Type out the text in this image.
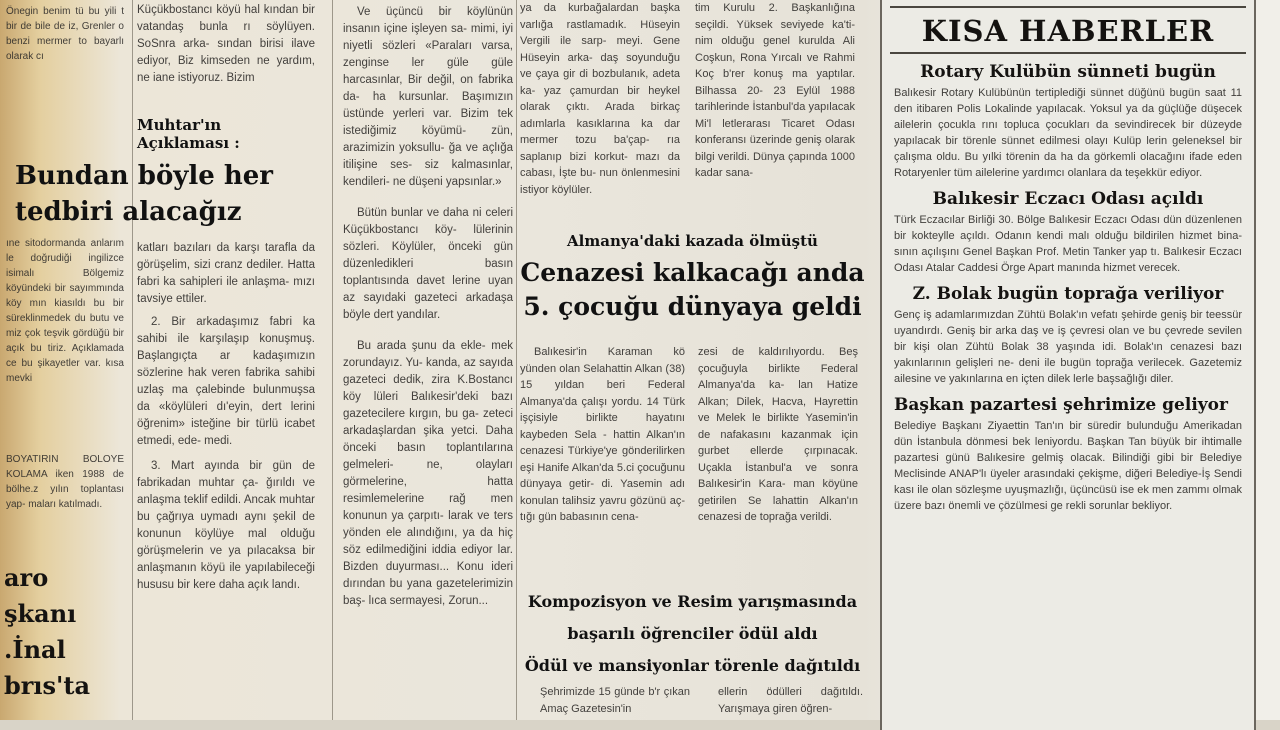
Önegin benim tü bu yili t bir de bile de iz, Grenler o benzi mermer to bayarlı olarak cı

ıne sitodormanda anlarım le doğrudiği ingilizce isimalı Bölgemiz köyündeki bir sayımmında köy mın kiasıldı bu bir süreklinmedek du butu ve miz çok teşvik gördüğü bir açık bu tiriz. Açıklamada ce bu şikayetler var. kısa mevki

BOYATIRIN BOLOYE KOLAMA iken 1988 de bölhe.z yılın toplantası yap- maları katılmadı.

aro
şkanı
.İnal
brıs'ta

Küçükbostancı köyü hal kından bir vatandaş bunla rı söylüyen. SoSnra arka- sından birisi ilave ediyor, Biz kimseden ne yardım, ne iane istiyoruz. Bizim

Muhtar'ın Açıklaması :

Bundan böyle her tedbiri alacağız

katları bazıları da karşı tarafla da görüşelim, sizi cranz dediler. Hatta fabri ka sahipleri ile anlaşma- mızı tavsiye ettiler.

2. Bir arkadaşımız fabri ka sahibi ile karşılaşıp konuşmuş. Başlangıçta ar kadaşımızın sözlerine hak veren fabrika sahibi uzlaş ma çalebinde bulunmuşsa da «köylüleri dı'eyin, dert lerini öğrenim» isteğine bir türlü icabet etmedi, ede- medi.

3. Mart ayında bir gün de fabrikadan muhtar ça- ğırıldı ve anlaşma teklif edildi. Ancak muhtar bu çağrıya uymadı aynı şekil de konunun köylüye mal olduğu görüşmelerin ve ya pılacaksa bir anlaşmanın köyü ile yapılabileceği hususu bir kere daha açık landı.

Ve üçüncü bir köylünün insanın içine işleyen sa- mimi, iyi niyetli sözleri «Paraları varsa, zenginse ler güle güle harcasınlar, Bir değil, on fabrika da- ha kursunlar. Başımızın üstünde yerleri var. Bizim tek istediğimiz köyümü- zün, arazimizin yoksullu- ğa ve açlığa itilişine ses- siz kalmasınlar, kendileri- ne düşeni yapsınlar.»

Bütün bunlar ve daha ni celeri Küçükbostancı köy- lülerinin sözleri. Köylüler, önceki gün düzenledikleri basın toplantısında davet lerine uyan az sayıdaki gazeteci arkadaşa böyle dert yandılar.

Bu arada şunu da ekle- mek zorundayız. Yu- kanda, az sayıda gazeteci dedik, zira K.Bostancı köy lüleri Balıkesir'deki bazı gazetecilere kırgın, bu ga- zeteci arkadaşlardan şika yetci. Daha önceki basın toplantılarına gelmeleri- ne, olayları görmelerine, hatta resimlemelerine rağ men konunun ya çarpıtı- larak ve ters yönden ele alındığını, ya da hiç söz edilmediğini iddia ediyor lar. Bizden duyurması... Konu ideri dırından bu yana gazetelerimizin baş- lıca sermayesi, Zorun...

ya da kurbağalardan başka varlığa rastlamadık. Hüseyin Vergili ile sarp- meyi. Gene Hüseyin arka- daş soyunduğu ve çaya gir di bozbulanık, adeta ka- yaz çamurdan bir heykel olarak çıktı. Arada birkaç adımlarla kasıklarına ka dar mermer tozu ba'çap- rıa saplanıp bizi korkut- mazı da cabası, İşte bu- nun önlenmesini istiyor köylüler.

tim Kurulu 2. Başkanlığına seçildi. Yüksek seviyede ka'ti- nim olduğu genel kurulda Ali Coşkun, Rona Yırcalı ve Rahmi Koç b'rer konuş ma yaptılar. Bilhassa 20- 23 Eylül 1988 tarihlerinde İstanbul'da yapılacak Mi'l letlerarası Ticaret Odası konferansı üzerinde geniş olarak bilgi verildi. Dünya çapında 1000 kadar sana-

Almanya'daki kazada ölmüştü
Cenazesi kalkacağı anda
5. çocuğu dünyaya geldi

Balıkesir'in Karaman kö yünden olan Selahattin Alkan (38) 15 yıldan beri Federal Almanya'da çalışı yordu. 14 Türk işçisiyle birlikte hayatını kaybeden Sela - hattin Alkan'ın cenazesi Türkiye'ye gönderilirken eşi Hanife Alkan'da 5.ci çocuğunu dünyaya getir- di. Yasemin adı konulan talihsiz yavru gözünü aç- tığı gün babasının cena-

zesi de kaldırılıyordu. Beş çocuğuyla birlikte Federal Almanya'da ka- lan Hatize Alkan; Dilek, Hacva, Hayrettin ve Melek le birlikte Yasemin'in de nafakasını kazanmak için gurbet ellerde çırpınacak. Uçakla İstanbul'a ve sonra Balıkesir'in Kara- man köyüne getirilen Se lahattin Alkan'ın cenazesi de toprağa verildi.

Kompozisyon ve Resim yarışmasında
başarılı öğrenciler ödül aldı
Ödül ve mansiyonlar törenle dağıtıldı

Şehrimizde 15 günde b'r çıkan Amaç Gazetesin'in

ellerin ödülleri dağıtıldı. Yarışmaya giren öğren-

KISA HABERLER
Rotary Kulübün sünneti bugün

Balıkesir Rotary Kulübünün tertiplediği sünnet düğünü bugün saat 11 den itibaren Polis Lokalinde yapılacak. Yoksul ya da güçlüğe düşecek ailelerin çocukla rını topluca çocukları da sevindirecek bir düzeyde yapılacak bir törenle sünnet edilmesi olayı Kulüp lerin geleneksel bir çalışma oldu. Bu yılki törenin da ha da görkemli olacağını ifade eden Rotaryenler tüm ailelerine yardımcı olanlara da teşekkür ediyor.

Balıkesir Eczacı Odası açıldı

Türk Eczacılar Birliği 30. Bölge Balıkesir Eczacı Odası dün düzenlenen bir kokteylle açıldı. Odanın kendi malı olduğu bildirilen hizmet bina- sının açılışını Genel Başkan Prof. Metin Tanker yap tı. Balıkesir Eczacı Odası Atalar Caddesi Örge Apart manında hizmet verecek.

Z. Bolak bugün toprağa veriliyor

Genç iş adamlarımızdan Zühtü Bolak'ın vefatı şehirde geniş bir teessür uyandırdı. Geniş bir arka daş ve iş çevresi olan ve bu çevrede sevilen bir kişi olan Zühtü Bolak 38 yaşında idi. Bolak'ın cenazesi bazı yakınlarının gelişleri ne- deni ile bugün toprağa verilecek. Gazetemiz ailesine ve yakınlarına en içten dilek lerle başsağlığı diler.

Başkan pazartesi şehrimize geliyor

Belediye Başkanı Ziyaettin Tan'ın bir süredir bulunduğu Amerikadan dün İstanbula dönmesi bek leniyordu. Başkan Tan büyük bir ihtimalle pazartesi günü Balıkesire gelmiş olacak. Bilindiği gibi bir Belediye Meclisinde ANAP'lı üyeler arasındaki çekişme, diğeri Belediye-İş Sendi kası ile olan sözleşme uyuşmazlığı, üçüncüsü ise ek men zammı olmak üzere bazı önemli ve çözülmesi ge rekli sorunlar bekliyor.
